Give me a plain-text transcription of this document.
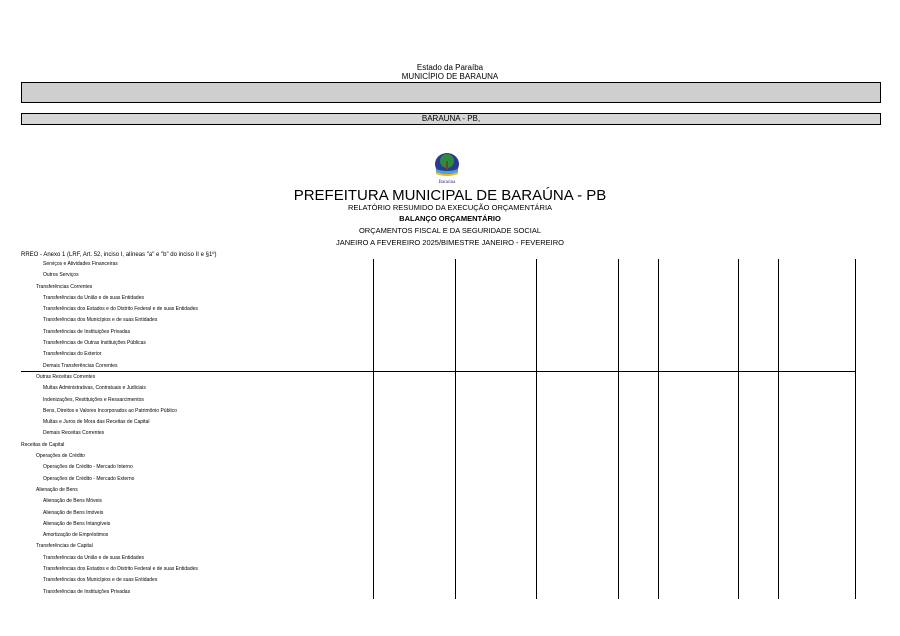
Estado da Paraíba
MUNICÍPIO DE BARAUNA
BARAUNA - PB,
Baraúna
PREFEITURA MUNICIPAL DE BARAÚNA - PB
RELATÓRIO RESUMIDO DA EXECUÇÃO ORÇAMENTÁRIA
BALANÇO ORÇAMENTÁRIO
ORÇAMENTOS FISCAL E DA SEGURIDADE SOCIAL
JANEIRO A FEVEREIRO 2025/BIMESTRE JANEIRO - FEVEREIRO
RREO - Anexo 1 (LRF, Art. 52, inciso I, alíneas "a" e "b" do inciso II e §1º)
Serviços e Atividades Financeiras
Outros Serviços
Transferências Correntes
Transferências da União e de suas Entidades
Transferências dos Estados e do Distrito Federal e de suas Entidades
Transferências dos Municípios e de suas Entidades
Transferências de Instituições Privadas
Transferências de Outras Instituições Públicas
Transferências do Exterior
Demais Transferências Correntes
Outras Receitas Correntes
Multas Administrativas, Contratuais e Judiciais
Indenizações, Restituições e Ressarcimentos
Bens, Direitos e Valores Incorporados ao Patrimônio Público
Multas e Juros de Mora das Receitas de Capital
Demais Receitas Correntes
Receitas de Capital
Operações de Crédito
Operações de Crédito - Mercado Interno
Operações de Crédito - Mercado Externo
Alienação de Bens
Alienação de Bens Móveis
Alienação de Bens Imóveis
Alienação de Bens Intangíveis
Amortização de Empréstimos
Transferências de Capital
Transferências da União e de suas Entidades
Transferências dos Estados e do Distrito Federal e de suas Entidades
Transferências dos Municípios e de suas Entidades
Transferências de Instituições Privadas
